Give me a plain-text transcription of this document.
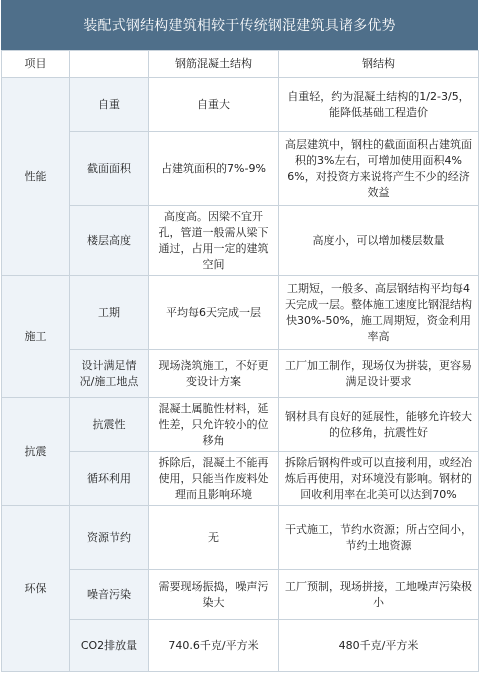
装配式钢结构建筑相较于传统钢混建筑具诸多优势
项目		钢筋混凝土结构	钢结构
性能	自重	自重大	自重轻，约为混凝土结构的1/2-3/5，能降低基础工程造价
	截面面积	占建筑面积的7%-9%	高层建筑中，钢柱的截面面积占建筑面积的3%左右，可增加使用面积4%6%，对投资方来说将产生不少的经济效益
	楼层高度	高度高。因梁不宜开孔，管道一般需从梁下通过，占用一定的建筑空间	高度小，可以增加楼层数量
施工	工期	平均每6天完成一层	工期短，一般多、高层钢结构平均每4天完成一层。整体施工速度比钢混结构快30%-50%，施工周期短，资金利用率高
	设计满足情况/施工地点	现场浇筑施工，不好更变设计方案	工厂加工制作，现场仅为拼装，更容易满足设计要求
抗震	抗震性	混凝土属脆性材料，延性差，只允许较小的位移角	钢材具有良好的延展性，能够允许较大的位移角，抗震性好
	循环利用	拆除后，混凝土不能再使用，只能当作废料处理而且影响环境	拆除后钢构件或可以直接利用，或经冶炼后再使用，对环境没有影响。钢材的回收利用率在北美可以达到70%
环保	资源节约	无	干式施工，节约水资源；所占空间小，节约土地资源
	噪音污染	需要现场振捣，噪声污染大	工厂预制，现场拼接，工地噪声污染极小
	CO2排放量	740.6千克/平方米	480千克/平方米
